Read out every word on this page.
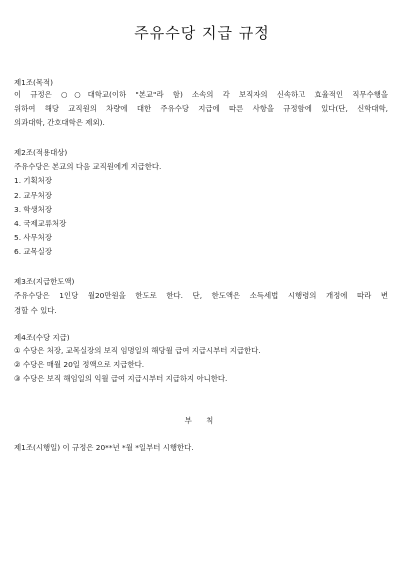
주유수당 지급 규정
제1조(목적)
이 규정은 ○○대학교(이하 "본교"라 함) 소속의 각 보직자의 신속하고 효율적인 직무수행을
위하여 해당 교직원의 차량에 대한 주유수당 지급에 따른 사항을 규정함에 있다(단, 신학대학,
의과대학, 간호대학은 제외).
제2조(적용대상)
주유수당은 본교의 다음 교직원에게 지급한다.
1. 기획처장
2. 교무처장
3. 학생처장
4. 국제교류처장
5. 사무처장
6. 교목실장
제3조(지급한도액)
주유수당은 1인당 월20만원을 한도로 한다. 단, 한도액은 소득세법 시행령의 개정에 따라 변
경할 수 있다.
제4조(수당 지급)
① 수당은 처장, 교목실장의 보직 임명일의 해당월 급여 지급시부터 지급한다.
② 수당은 매월 20일 정액으로 지급한다.
③ 수당은 보직 해임일의 익월 급여 지급시부터 지급하지 아니한다.
부 칙
제1조(시행일) 이 규정은 20**년 *월 *일부터 시행한다.
